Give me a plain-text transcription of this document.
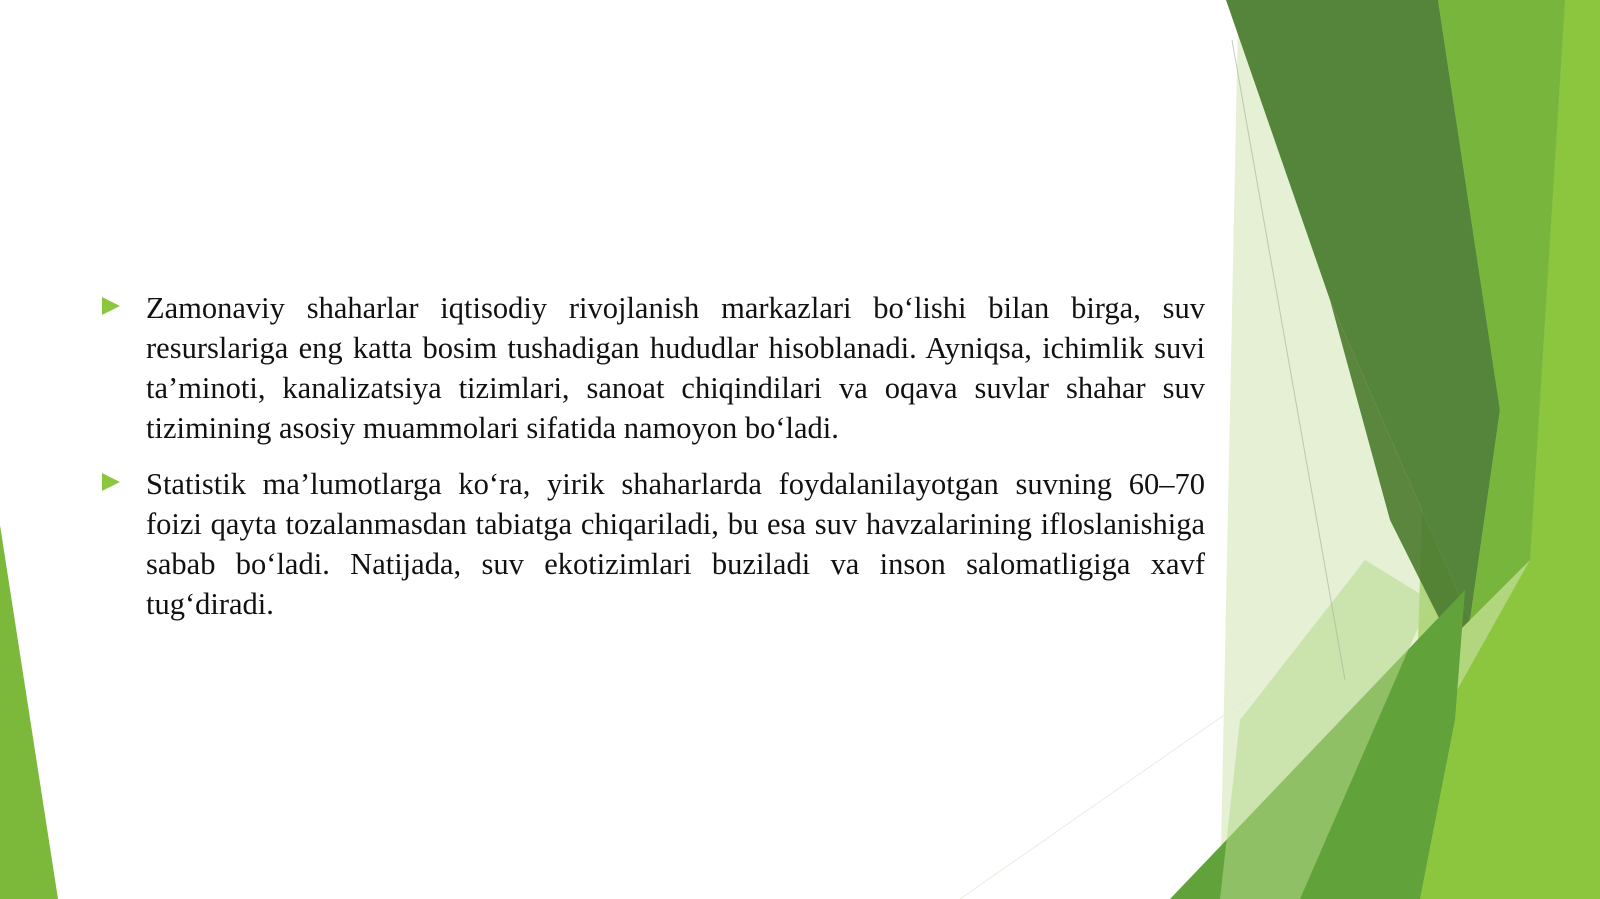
Zamonaviy shaharlar iqtisodiy rivojlanish markazlari bo‘lishi bilan birga, suv resurslariga eng katta bosim tushadigan hududlar hisoblanadi. Ayniqsa, ichimlik suvi ta’minoti, kanalizatsiya tizimlari, sanoat chiqindilari va oqava suvlar shahar suv tizimining asosiy muammolari sifatida namoyon bo‘ladi.
Statistik ma’lumotlarga ko‘ra, yirik shaharlarda foydalanilayotgan suvning 60–70 foizi qayta tozalanmasdan tabiatga chiqariladi, bu esa suv havzalarining ifloslanishiga sabab bo‘ladi. Natijada, suv ekotizimlari buziladi va inson salomatligiga xavf tug‘diradi.
